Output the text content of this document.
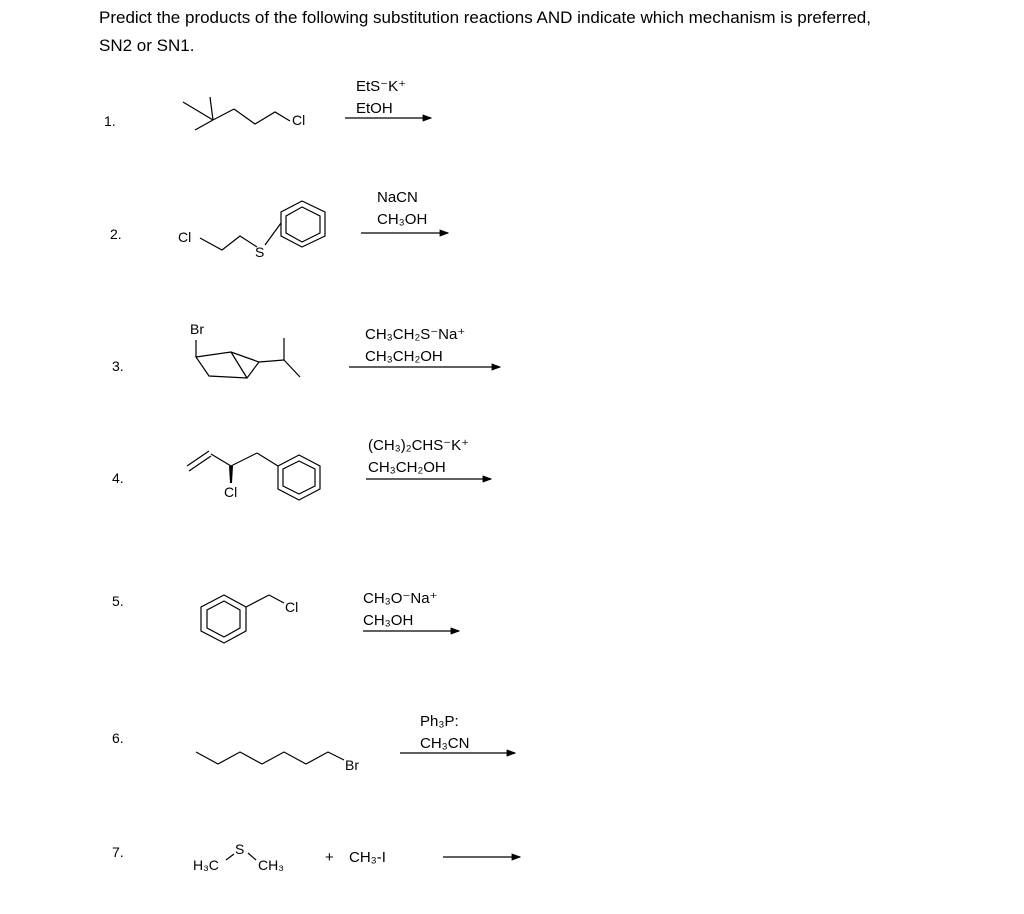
Predict the products of the following substitution reactions AND indicate which mechanism is preferred,
SN2 or SN1.
1.
2.
3.
4.
5.
6.
7.
Cl
Cl
S
Br
Cl
Cl
Br
H₃C
S
CH₃	+ CH₃-I
EtS⁻K⁺
EtOH
NaCN
CH₃OH
CH₃CH₂S⁻Na⁺
CH₃CH₂OH
(CH₃)₂CHS⁻K⁺
CH₃CH₂OH
CH₃O⁻Na⁺
CH₃OH
Ph₃P:
CH₃CN
